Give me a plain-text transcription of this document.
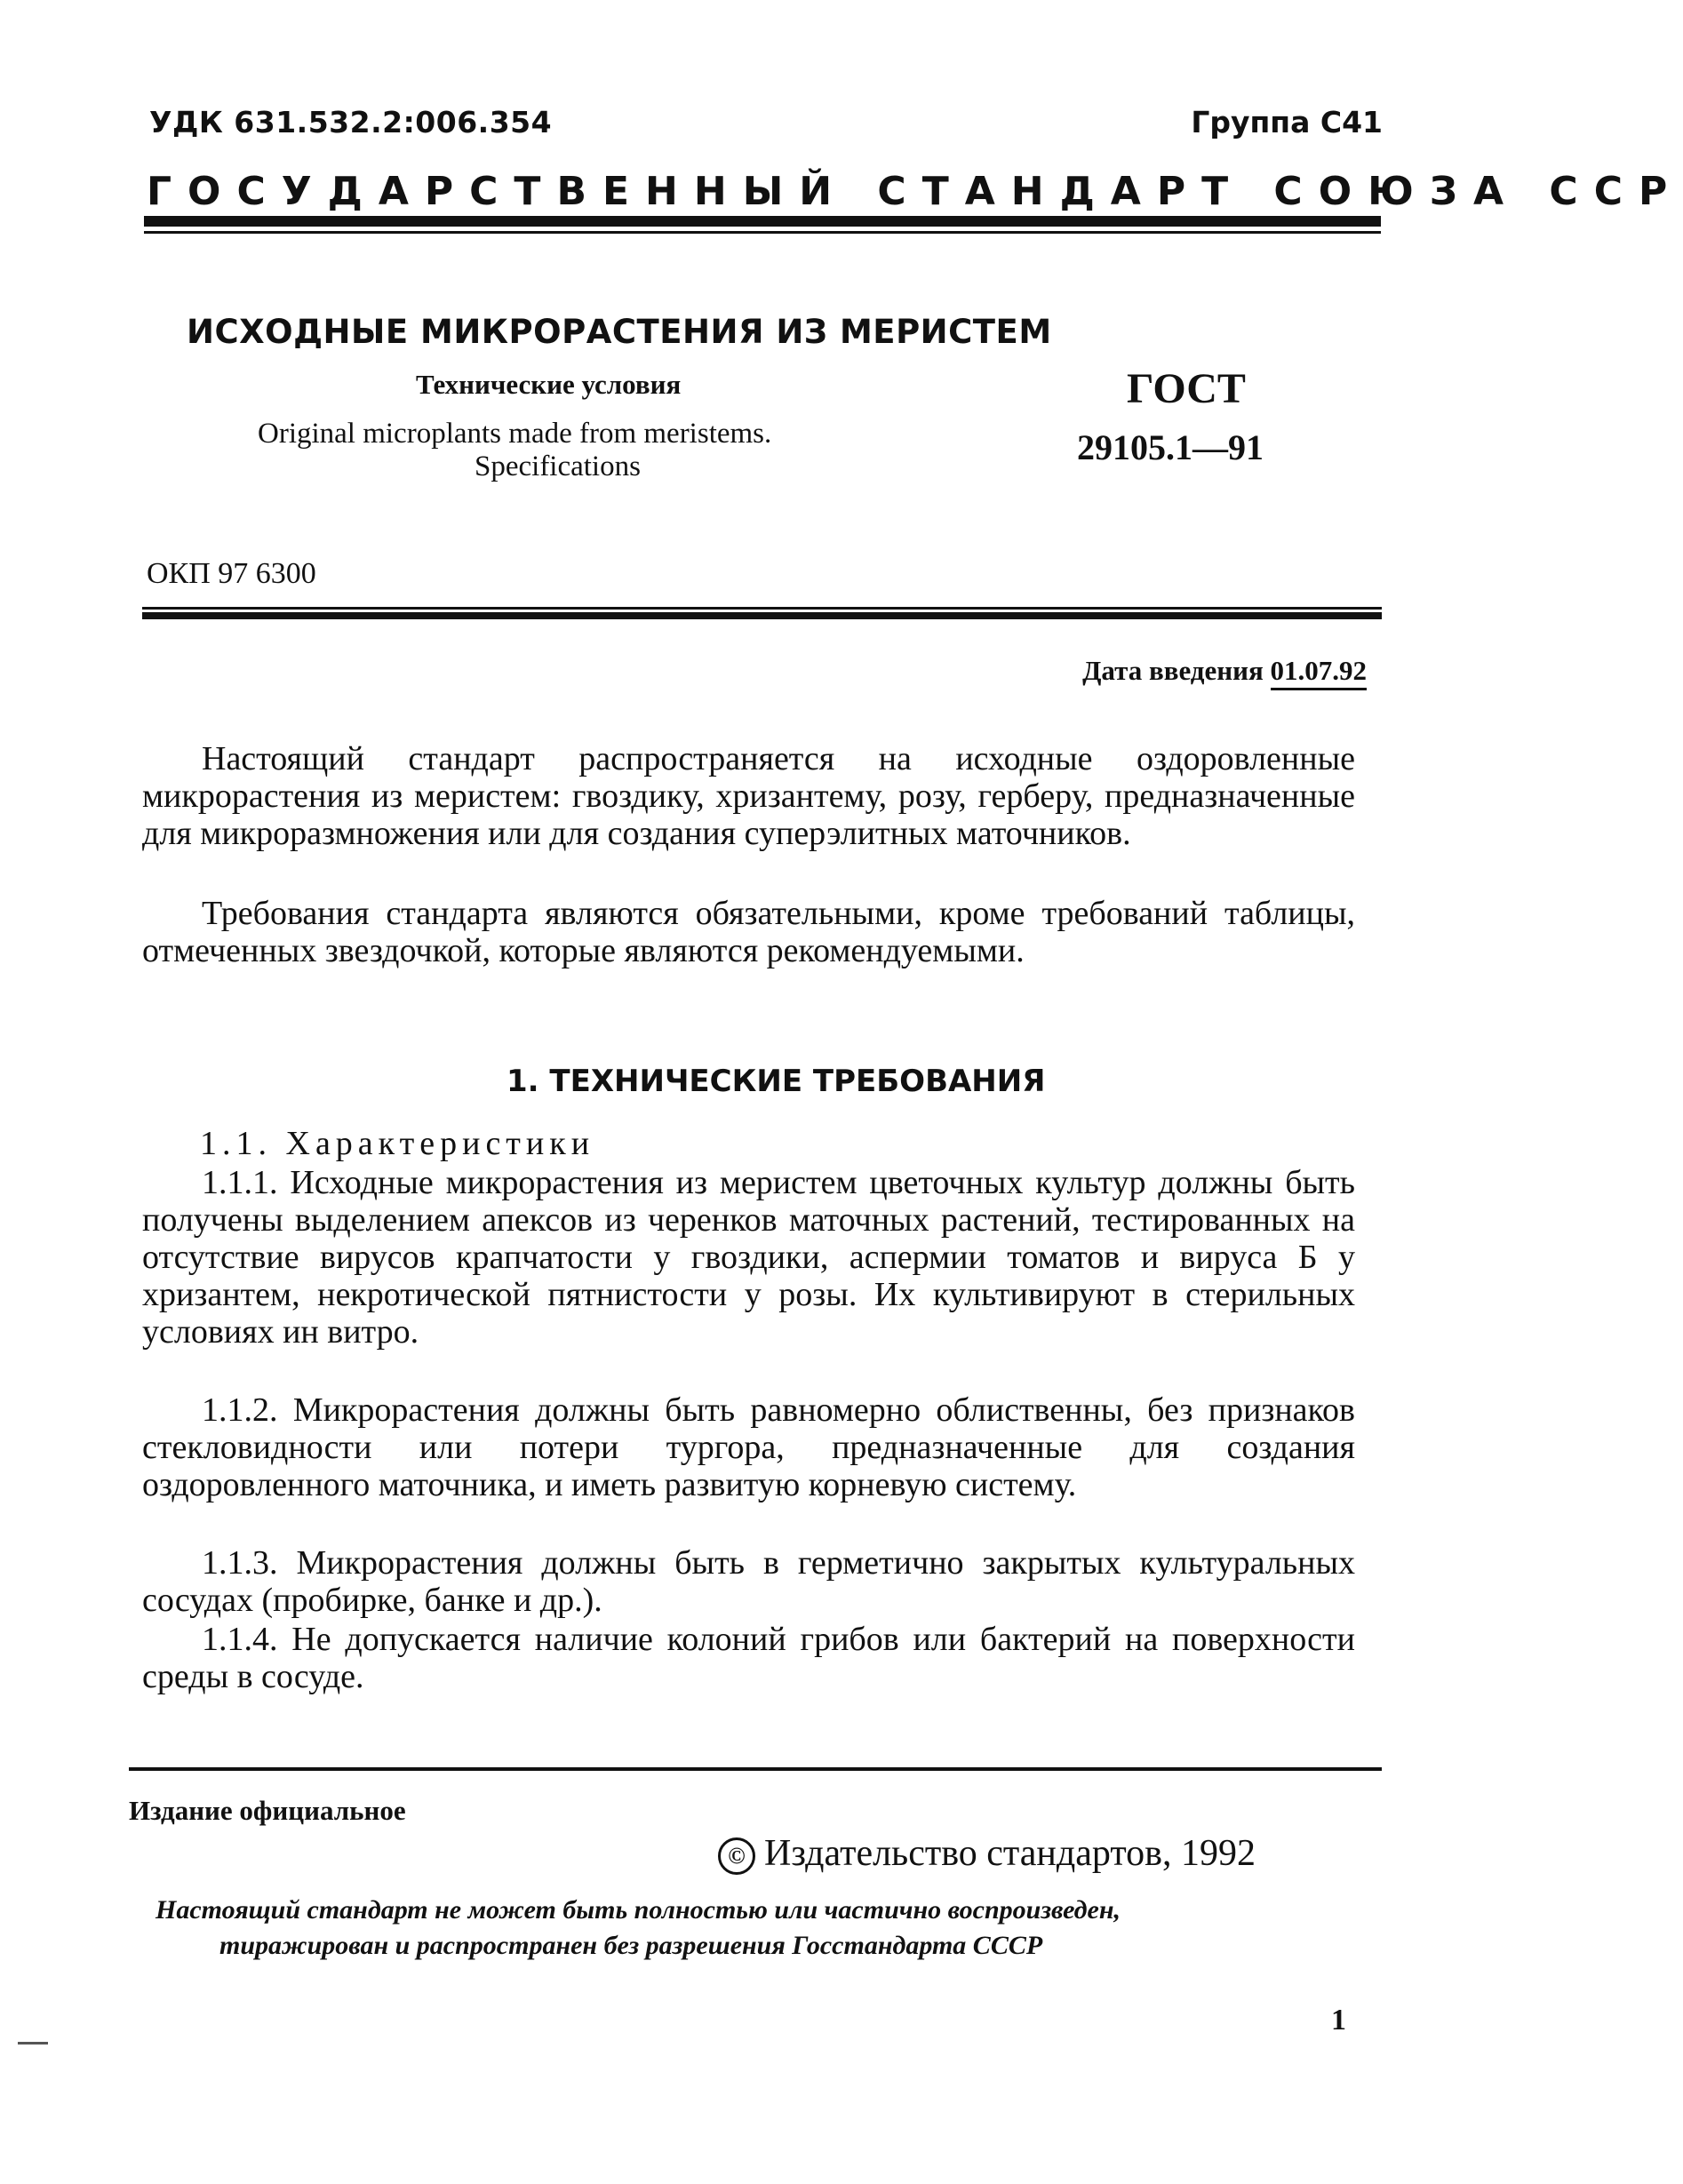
УДК 631.532.2:006.354	Группа С41
ГОСУДАРСТВЕННЫЙ СТАНДАРТ СОЮЗА ССР
ИСХОДНЫЕ МИКРОРАСТЕНИЯ ИЗ МЕРИСТЕМ
Технические условия
Original microplants made from meristems.
Specifications
ГОСТ
29105.1—91
ОКП 97 6300
Дата введения 01.07.92
Настоящий стандарт распространяется на исходные оздоровленные микрорастения из меристем: гвоздику, хризантему, розу, герберу, предназначенные для микроразмножения или для создания суперэлитных маточников.
Требования стандарта являются обязательными, кроме требований таблицы, отмеченных звездочкой, которые являются рекомендуемыми.
1. ТЕХНИЧЕСКИЕ ТРЕБОВАНИЯ
1.1. Характеристики
1.1.1. Исходные микрорастения из меристем цветочных культур должны быть получены выделением апексов из черенков маточных растений, тестированных на отсутствие вирусов крапчатости у гвоздики, аспермии томатов и вируса Б у хризантем, некротической пятнистости у розы. Их культивируют в стерильных условиях ин витро.
1.1.2. Микрорастения должны быть равномерно облиственны, без признаков стекловидности или потери тургора, предназначенные для создания оздоровленного маточника, и иметь развитую корневую систему.
1.1.3. Микрорастения должны быть в герметично закрытых культуральных сосудах (пробирке, банке и др.).
1.1.4. Не допускается наличие колоний грибов или бактерий на поверхности среды в сосуде.
Издание официальное
© Издательство стандартов, 1992
Настоящий стандарт не может быть полностью или частично воспроизведен,
тиражирован и распространен без разрешения Госстандарта СССР
1
